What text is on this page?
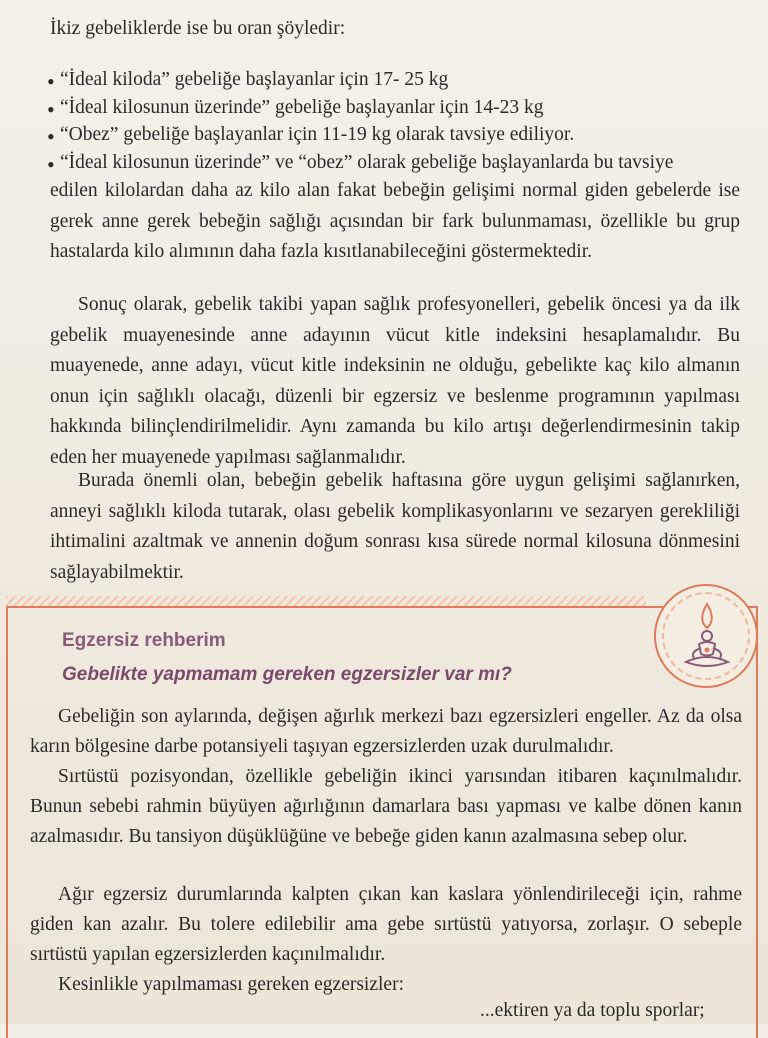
İkiz gebeliklerde ise bu oran şöyledir:

• “İdeal kiloda” gebeliğe başlayanlar için 17- 25 kg
• “İdeal kilosunun üzerinde” gebeliğe başlayanlar için 14-23 kg
• “Obez” gebeliğe başlayanlar için 11-19 kg olarak tavsiye ediliyor.
• “İdeal kilosunun üzerinde” ve “obez” olarak gebeliğe başlayanlarda bu tavsiye

edilen kilolardan daha az kilo alan fakat bebeğin gelişimi normal giden gebelerde ise gerek anne gerek bebeğin sağlığı açısından bir fark bulunmaması, özellikle bu grup hastalarda kilo alımının daha fazla kısıtlanabileceğini göstermektedir.

Sonuç olarak, gebelik takibi yapan sağlık profesyonelleri, gebelik öncesi ya da ilk gebelik muayenesinde anne adayının vücut kitle indeksini hesaplamalıdır. Bu muayenede, anne adayı, vücut kitle indeksinin ne olduğu, gebelikte kaç kilo almanın onun için sağlıklı olacağı, düzenli bir egzersiz ve beslenme programının yapılması hakkında bilinçlendirilmelidir. Aynı zamanda bu kilo artışı değerlendirmesinin takip eden her muayenede yapılması sağlanmalıdır.

Burada önemli olan, bebeğin gebelik haftasına göre uygun gelişimi sağlanırken, anneyi sağlıklı kiloda tutarak, olası gebelik komplikasyonlarını ve sezaryen gerekliliği ihtimalini azaltmak ve annenin doğum sonrası kısa sürede normal kilosuna dönmesini sağlayabilmektir.

Egzersiz rehberim
Gebelikte yapmamam gereken egzersizler var mı?

Gebeliğin son aylarında, değişen ağırlık merkezi bazı egzersizleri engeller. Az da olsa karın bölgesine darbe potansiyeli taşıyan egzersizlerden uzak durulmalıdır.

Sırtüstü pozisyondan, özellikle gebeliğin ikinci yarısından itibaren kaçınılmalıdır. Bunun sebebi rahmin büyüyen ağırlığının damarlara bası yapması ve kalbe dönen kanın azalmasıdır. Bu tansiyon düşüklüğüne ve bebeğe giden kanın azalmasına sebep olur.

Ağır egzersiz durumlarında kalpten çıkan kan kaslara yönlendirileceği için, rahme giden kan azalır. Bu tolere edilebilir ama gebe sırtüstü yatıyorsa, zorlaşır. O sebeple sırtüstü yapılan egzersizlerden kaçınılmalıdır.

Kesinlikle yapılmaması gereken egzersizler:

...ektiren ya da toplu sporlar;
